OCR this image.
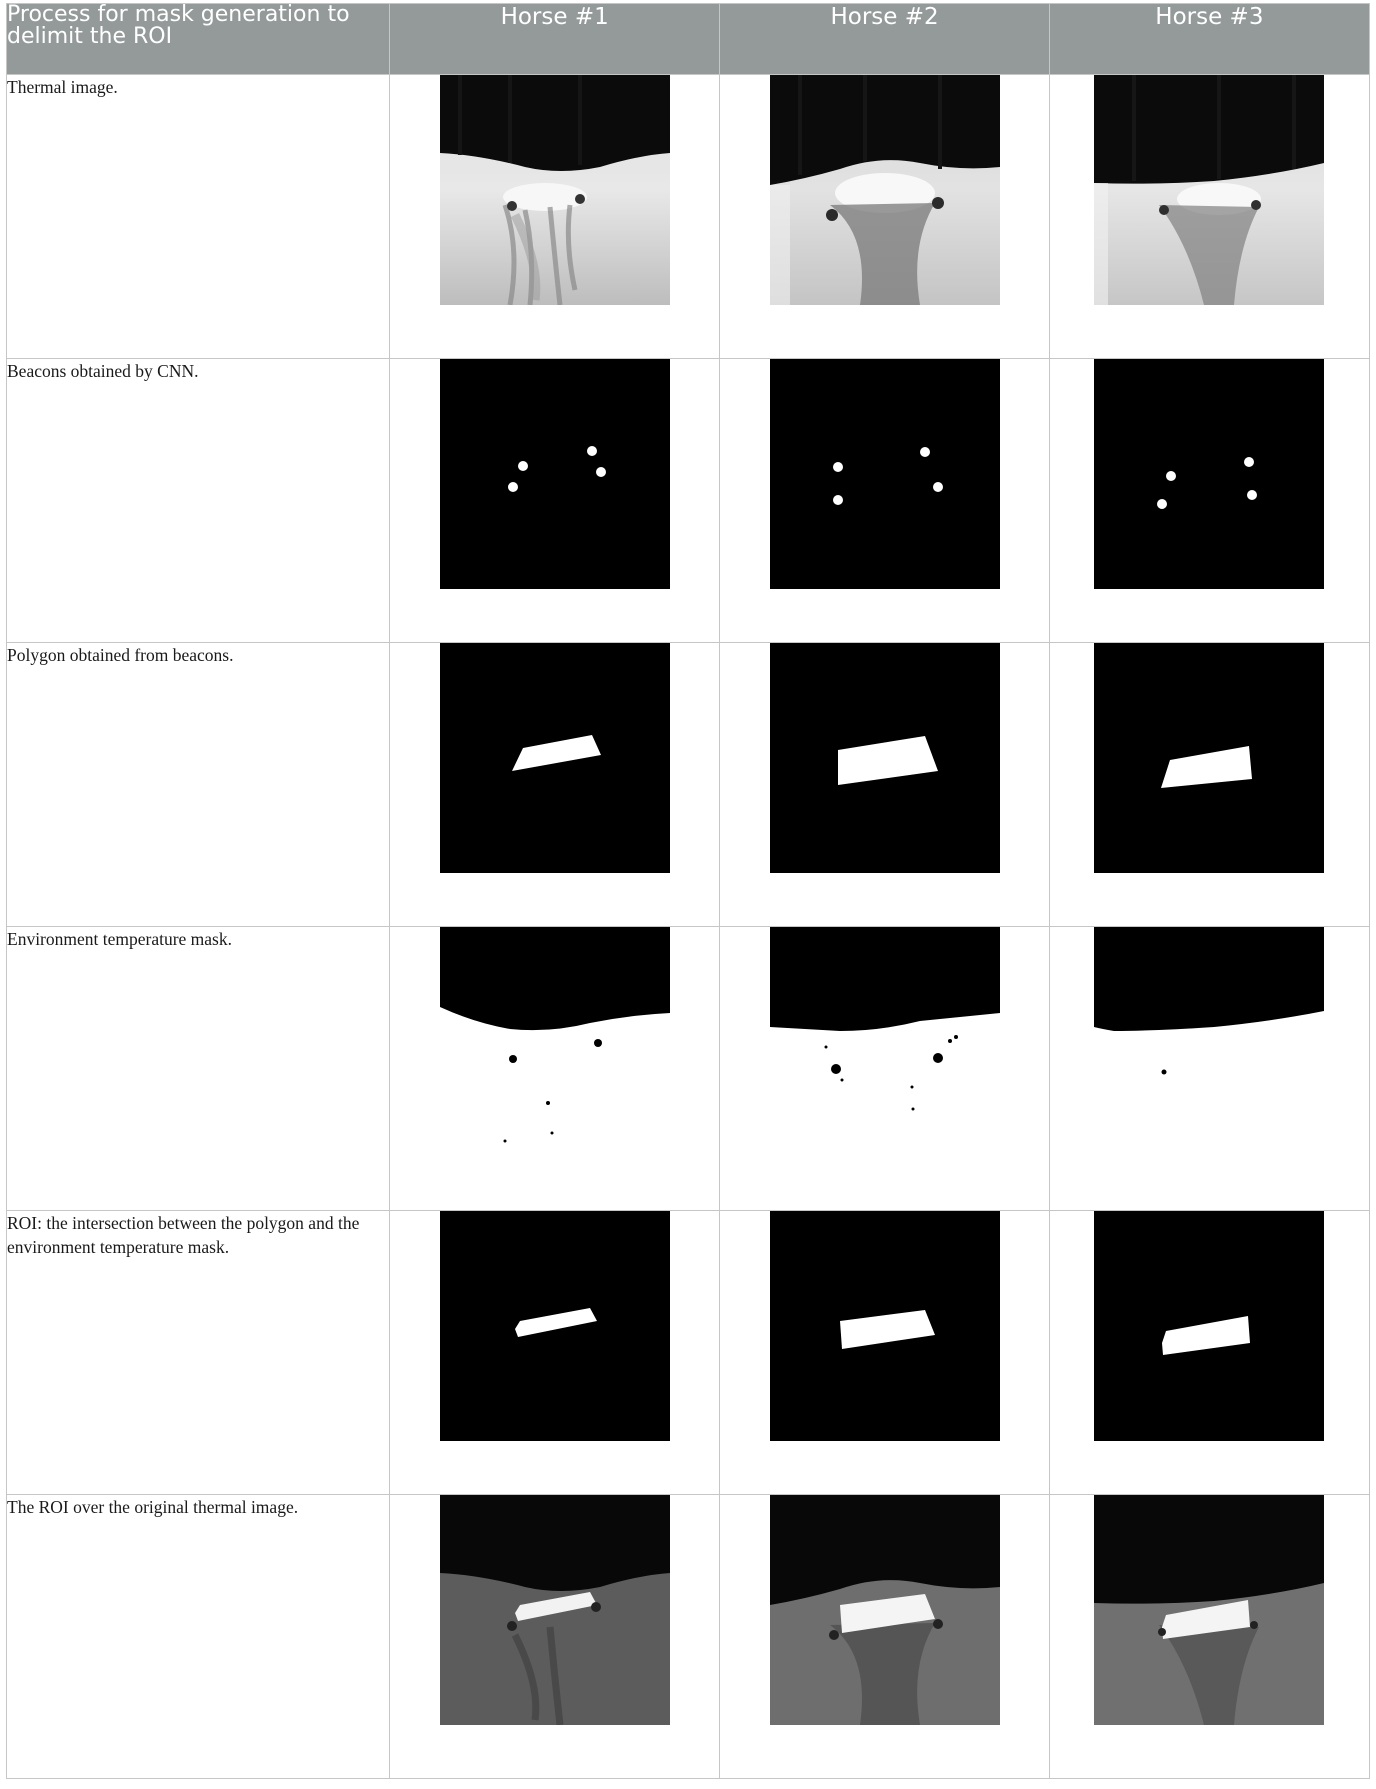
Process for mask generation to delimit the ROI	Horse #1	Horse #2	Horse #3
Thermal image.	

Beacons obtained by CNN.	

Polygon obtained from beacons.	

Environment temperature mask.	

ROI: the intersection between the polygon and the environment temperature mask.	

The ROI over the original thermal image.	
